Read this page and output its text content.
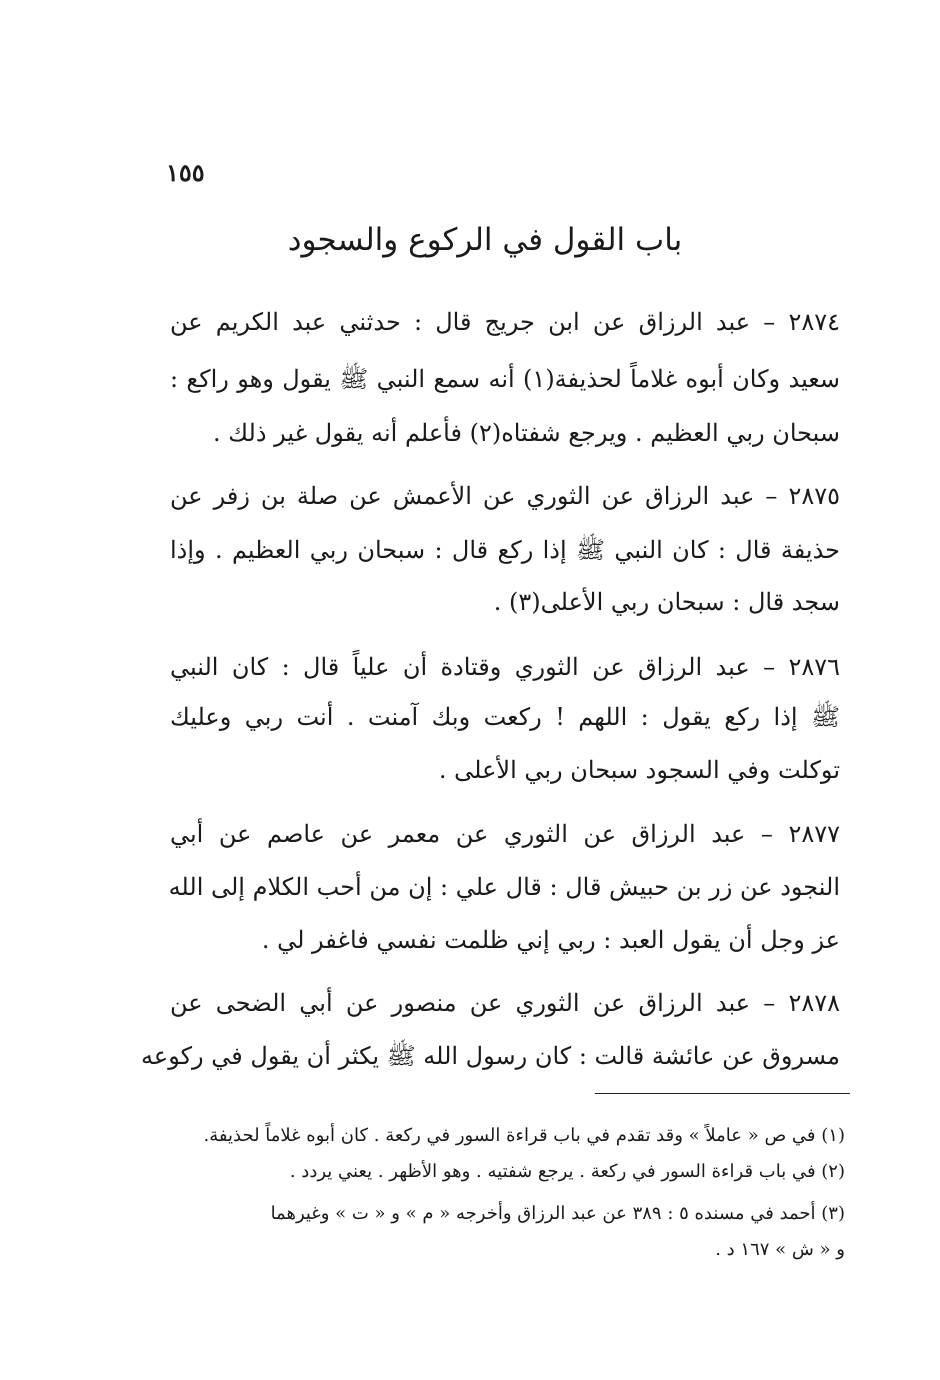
١٥٥
باب القول في الركوع والسجود
٢٨٧٤ – عبد الرزاق عن ابن جريج قال : حدثني عبد الكريم عن
سعيد وكان أبوه غلاماً لحذيفة(١) أنه سمع النبي ﷺ يقول وهو راكع :
سبحان ربي العظيم . ويرجع شفتاه(٢) فأعلم أنه يقول غير ذلك .
٢٨٧٥ – عبد الرزاق عن الثوري عن الأعمش عن صلة بن زفر عن
حذيفة قال : كان النبي ﷺ إذا ركع قال : سبحان ربي العظيم . وإذا
سجد قال : سبحان ربي الأعلى(٣) .
٢٨٧٦ – عبد الرزاق عن الثوري وقتادة أن علياً قال : كان النبي
ﷺ إذا ركع يقول : اللهم ! ركعت وبك آمنت . أنت ربي وعليك
توكلت وفي السجود سبحان ربي الأعلى .
٢٨٧٧ – عبد الرزاق عن الثوري عن معمر عن عاصم عن أبي
النجود عن زر بن حبيش قال : قال علي : إن من أحب الكلام إلى الله
عز وجل أن يقول العبد : ربي إني ظلمت نفسي فاغفر لي .
٢٨٧٨ – عبد الرزاق عن الثوري عن منصور عن أبي الضحى عن
مسروق عن عائشة قالت : كان رسول الله ﷺ يكثر أن يقول في ركوعه
(١) في ص « عاملاً » وقد تقدم في باب قراءة السور في ركعة . كان أبوه غلاماً لحذيفة.
(٢) في باب قراءة السور في ركعة . يرجع شفتيه . وهو الأظهر . يعني يردد .
(٣) أحمد في مسنده ٥ : ٣٨٩ عن عبد الرزاق وأخرجه « م » و « ت » وغيرهما
و « ش » ١٦٧ د .
